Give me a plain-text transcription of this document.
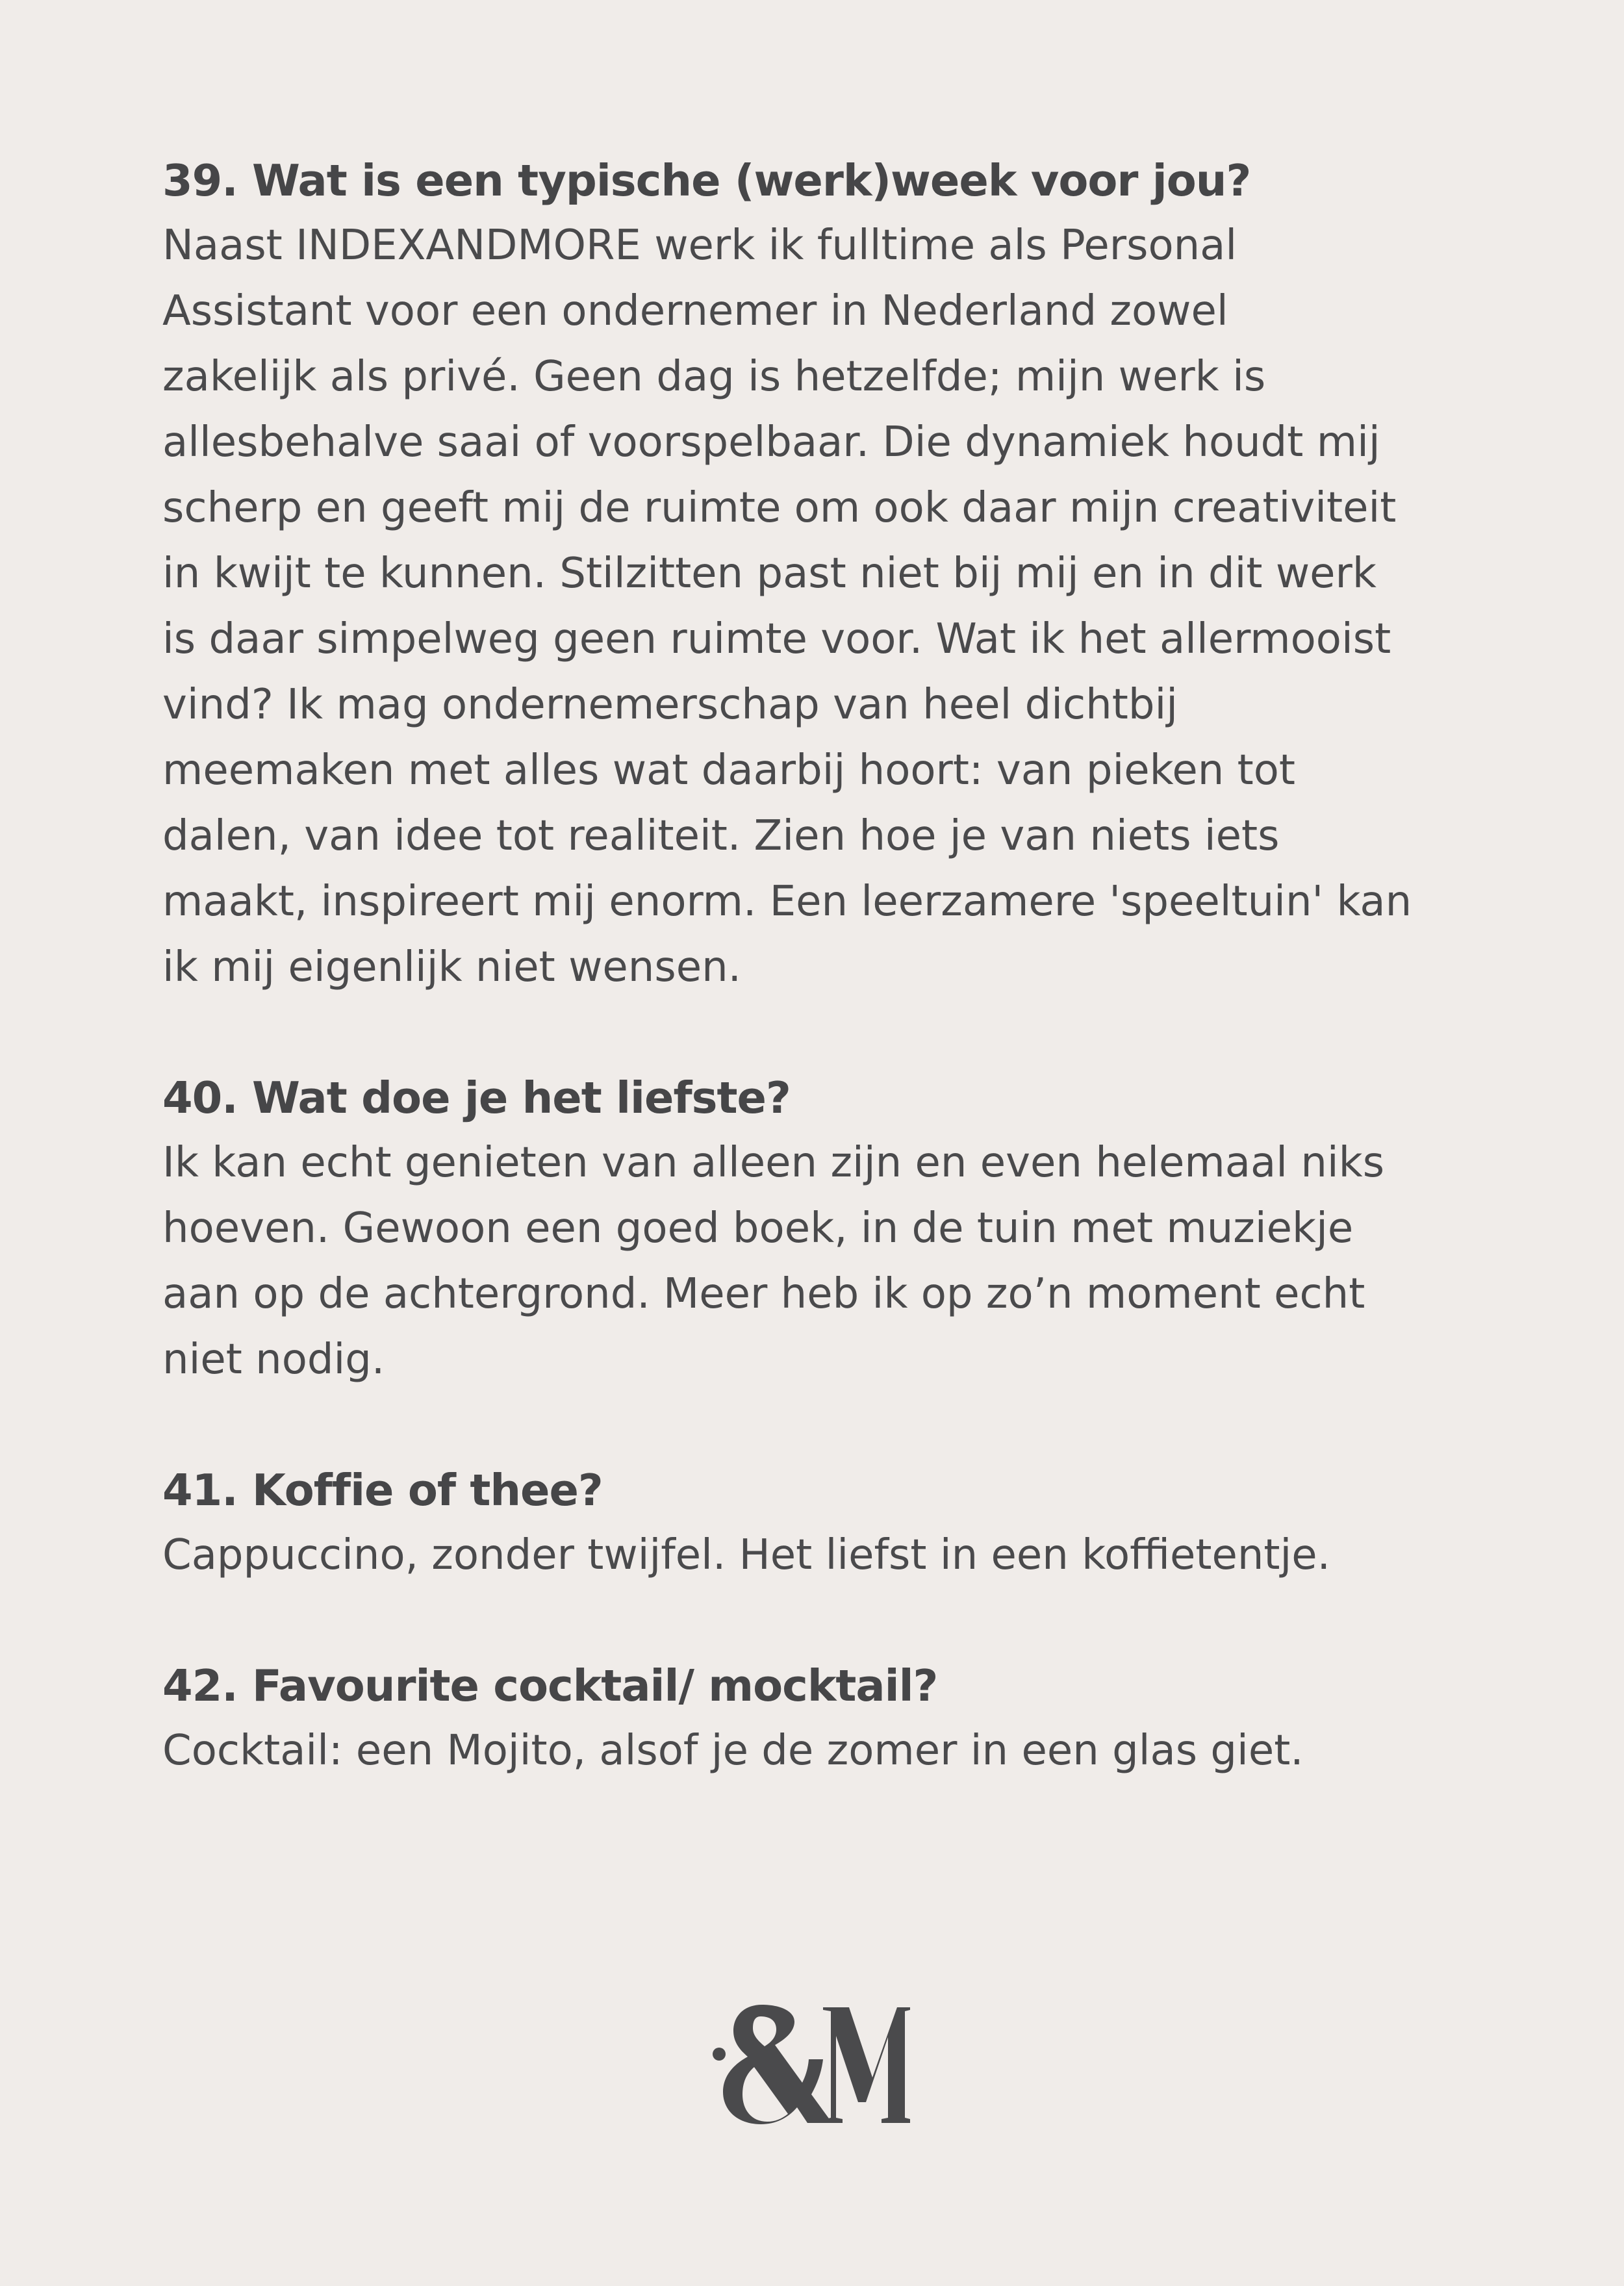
39. Wat is een typische (werk)week voor jou?

Naast INDEXANDMORE werk ik fulltime als Personal
Assistant voor een ondernemer in Nederland zowel
zakelijk als privé. Geen dag is hetzelfde; mijn werk is
allesbehalve saai of voorspelbaar. Die dynamiek houdt mij
scherp en geeft mij de ruimte om ook daar mijn creativiteit
in kwijt te kunnen. Stilzitten past niet bij mij en in dit werk
is daar simpelweg geen ruimte voor. Wat ik het allermooist
vind? Ik mag ondernemerschap van heel dichtbij
meemaken met alles wat daarbij hoort: van pieken tot
dalen, van idee tot realiteit. Zien hoe je van niets iets
maakt, inspireert mij enorm. Een leerzamere 'speeltuin' kan
ik mij eigenlijk niet wensen.

40. Wat doe je het liefste?

Ik kan echt genieten van alleen zijn en even helemaal niks
hoeven. Gewoon een goed boek, in de tuin met muziekje
aan op de achtergrond. Meer heb ik op zo’n moment echt
niet nodig.

41. Koffie of thee?

Cappuccino, zonder twijfel. Het liefst in een koffietentje.

42. Favourite cocktail/ mocktail?

Cocktail: een Mojito, alsof je de zomer in een glas giet.
